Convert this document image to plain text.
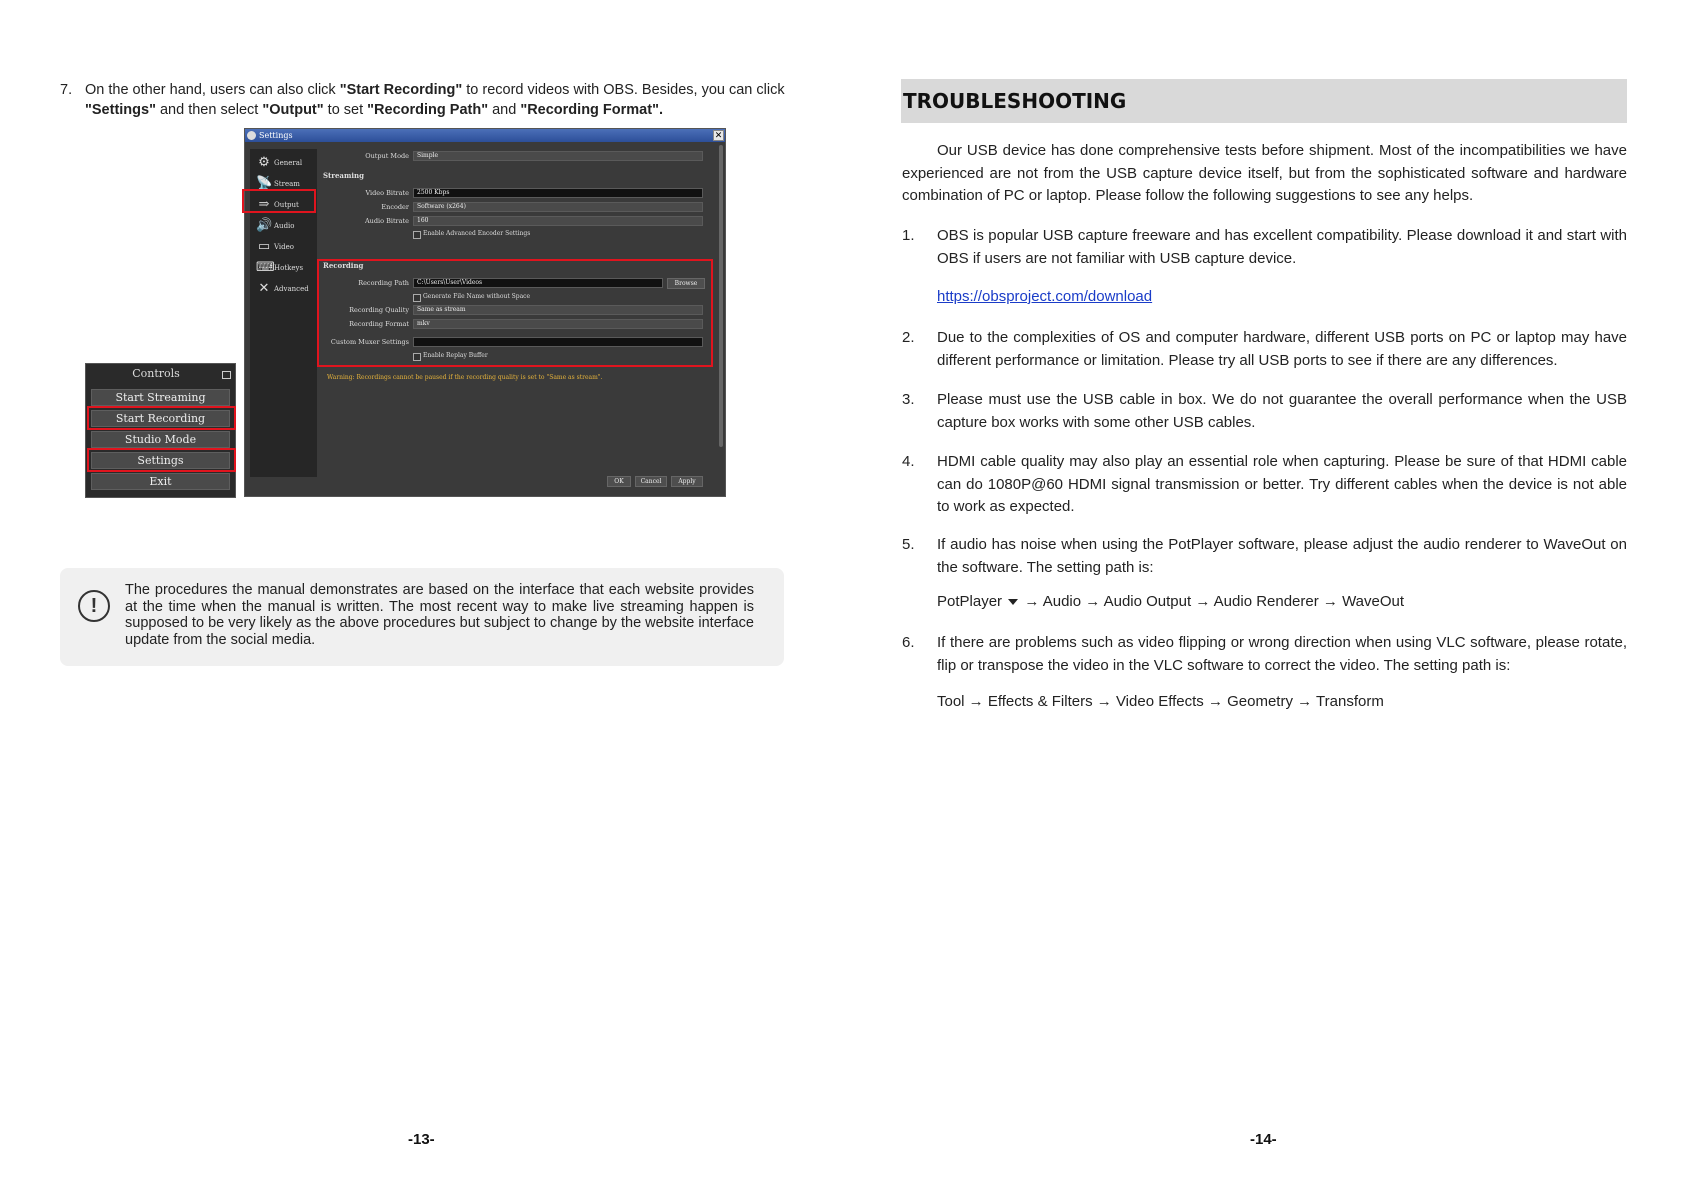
7. On the other hand, users can also click "Start Recording" to record videos with OBS. Besides, you can click "Settings" and then select "Output" to set "Recording Path" and "Recording Format".
Settings	✕
⚙ General
📡 Stream
⇒ Output
🔊 Audio
▭ Video
⌨ Hotkeys
✕ Advanced
Output Mode	Simple
Streaming
Video Bitrate	2500 Kbps
Encoder	Software (x264)
Audio Bitrate	160
Enable Advanced Encoder Settings
Recording
Recording Path	C:\Users\User\Videos	Browse
Generate File Name without Space
Recording Quality	Same as stream
Recording Format	mkv
Custom Muxer Settings
Enable Replay Buffer
Warning: Recordings cannot be paused if the recording quality is set to "Same as stream".
OK	Cancel	Apply
Controls
Start Streaming
Start Recording
Studio Mode
Settings
Exit
!
The procedures the manual demonstrates are based on the interface that each website provides at the time when the manual is written. The most recent way to make live streaming happen is supposed to be very likely as the above procedures but subject to change by the website interface update from the social media.
-13-
TROUBLESHOOTING
Our USB device has done comprehensive tests before shipment. Most of the incompatibilities we have experienced are not from the USB capture device itself, but from the sophisticated software and hardware combination of PC or laptop. Please follow the following suggestions to see any helps.
1. OBS is popular USB capture freeware and has excellent compatibility. Please download it and start with OBS if users are not familiar with USB capture device.
https://obsproject.com/download
2. Due to the complexities of OS and computer hardware, different USB ports on PC or laptop may have different performance or limitation. Please try all USB ports to see if there are any differences.
3. Please must use the USB cable in box. We do not guarantee the overall performance when the USB capture box works with some other USB cables.
4. HDMI cable quality may also play an essential role when capturing. Please be sure of that HDMI cable can do 1080P@60 HDMI signal transmission or better. Try different cables when the device is not able to work as expected.
5. If audio has noise when using the PotPlayer software, please adjust the audio renderer to WaveOut on the software. The setting path is:
PotPlayer → Audio → Audio Output → Audio Renderer → WaveOut
6. If there are problems such as video flipping or wrong direction when using VLC software, please rotate, flip or transpose the video in the VLC software to correct the video. The setting path is:
Tool → Effects & Filters → Video Effects → Geometry → Transform
-14-
